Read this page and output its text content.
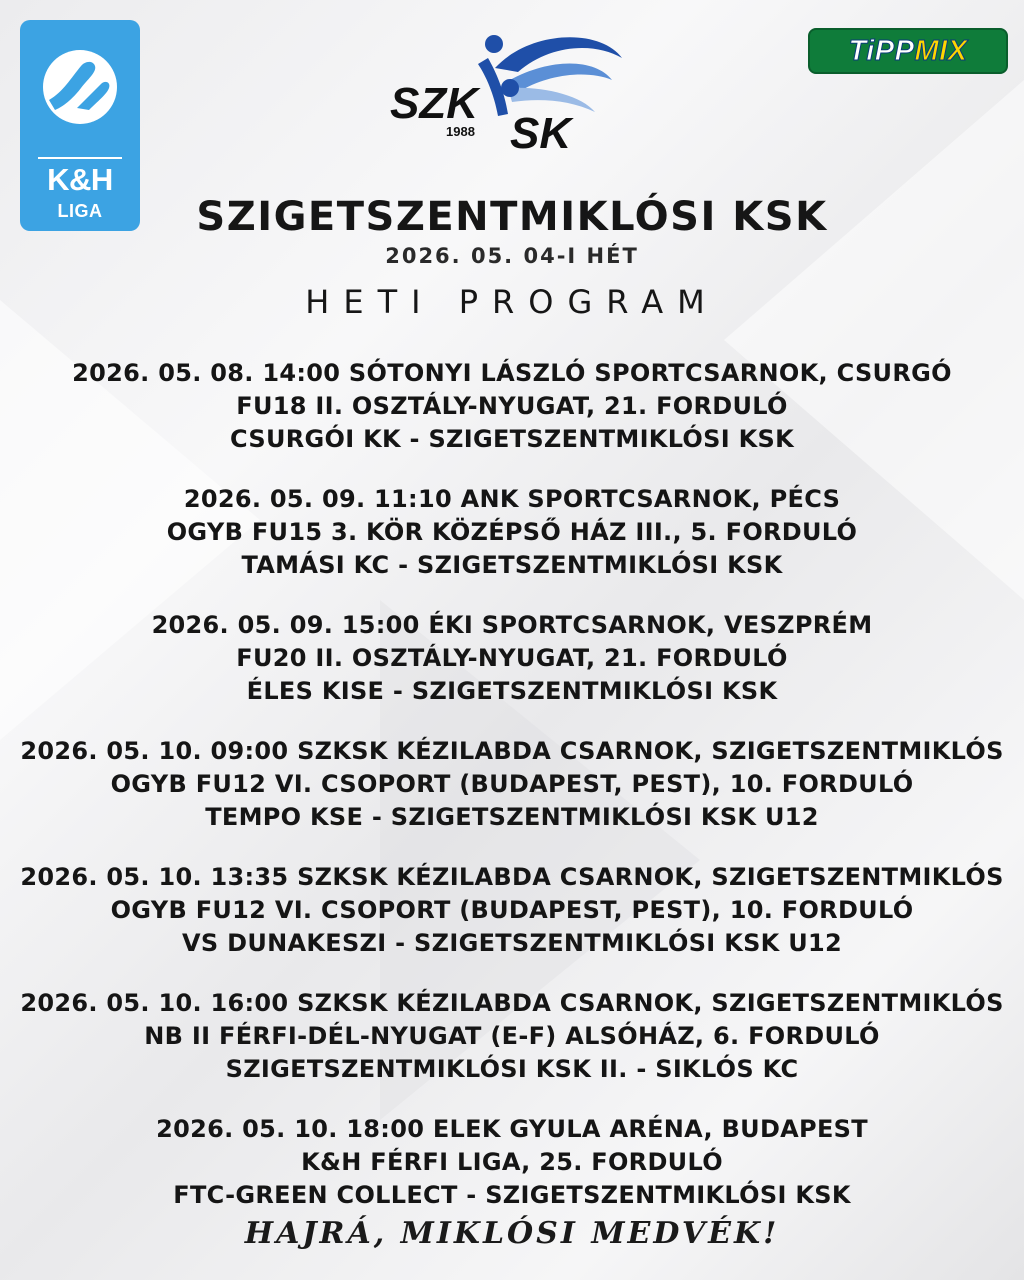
K&H
LIGA
SZK
SK
1988
TiPP MIX
SZIGETSZENTMIKLÓSI KSK
2026. 05. 04-I HÉT
HETI PROGRAM
2026. 05. 08. 14:00 SÓTONYI LÁSZLÓ SPORTCSARNOK, CSURGÓ
FU18 II. OSZTÁLY-NYUGAT, 21. FORDULÓ
CSURGÓI KK - SZIGETSZENTMIKLÓSI KSK
2026. 05. 09. 11:10 ANK SPORTCSARNOK, PÉCS
OGYB FU15 3. KÖR KÖZÉPSŐ HÁZ III., 5. FORDULÓ
TAMÁSI KC - SZIGETSZENTMIKLÓSI KSK
2026. 05. 09. 15:00 ÉKI SPORTCSARNOK, VESZPRÉM
FU20 II. OSZTÁLY-NYUGAT, 21. FORDULÓ
ÉLES KISE - SZIGETSZENTMIKLÓSI KSK
2026. 05. 10. 09:00 SZKSK KÉZILABDA CSARNOK, SZIGETSZENTMIKLÓS
OGYB FU12 VI. CSOPORT (BUDAPEST, PEST), 10. FORDULÓ
TEMPO KSE - SZIGETSZENTMIKLÓSI KSK U12
2026. 05. 10. 13:35 SZKSK KÉZILABDA CSARNOK, SZIGETSZENTMIKLÓS
OGYB FU12 VI. CSOPORT (BUDAPEST, PEST), 10. FORDULÓ
VS DUNAKESZI - SZIGETSZENTMIKLÓSI KSK U12
2026. 05. 10. 16:00 SZKSK KÉZILABDA CSARNOK, SZIGETSZENTMIKLÓS
NB II FÉRFI-DÉL-NYUGAT (E-F) ALSÓHÁZ, 6. FORDULÓ
SZIGETSZENTMIKLÓSI KSK II. - SIKLÓS KC
2026. 05. 10. 18:00 ELEK GYULA ARÉNA, BUDAPEST
K&H FÉRFI LIGA, 25. FORDULÓ
FTC-GREEN COLLECT - SZIGETSZENTMIKLÓSI KSK
HAJRÁ, MIKLÓSI MEDVÉK!
